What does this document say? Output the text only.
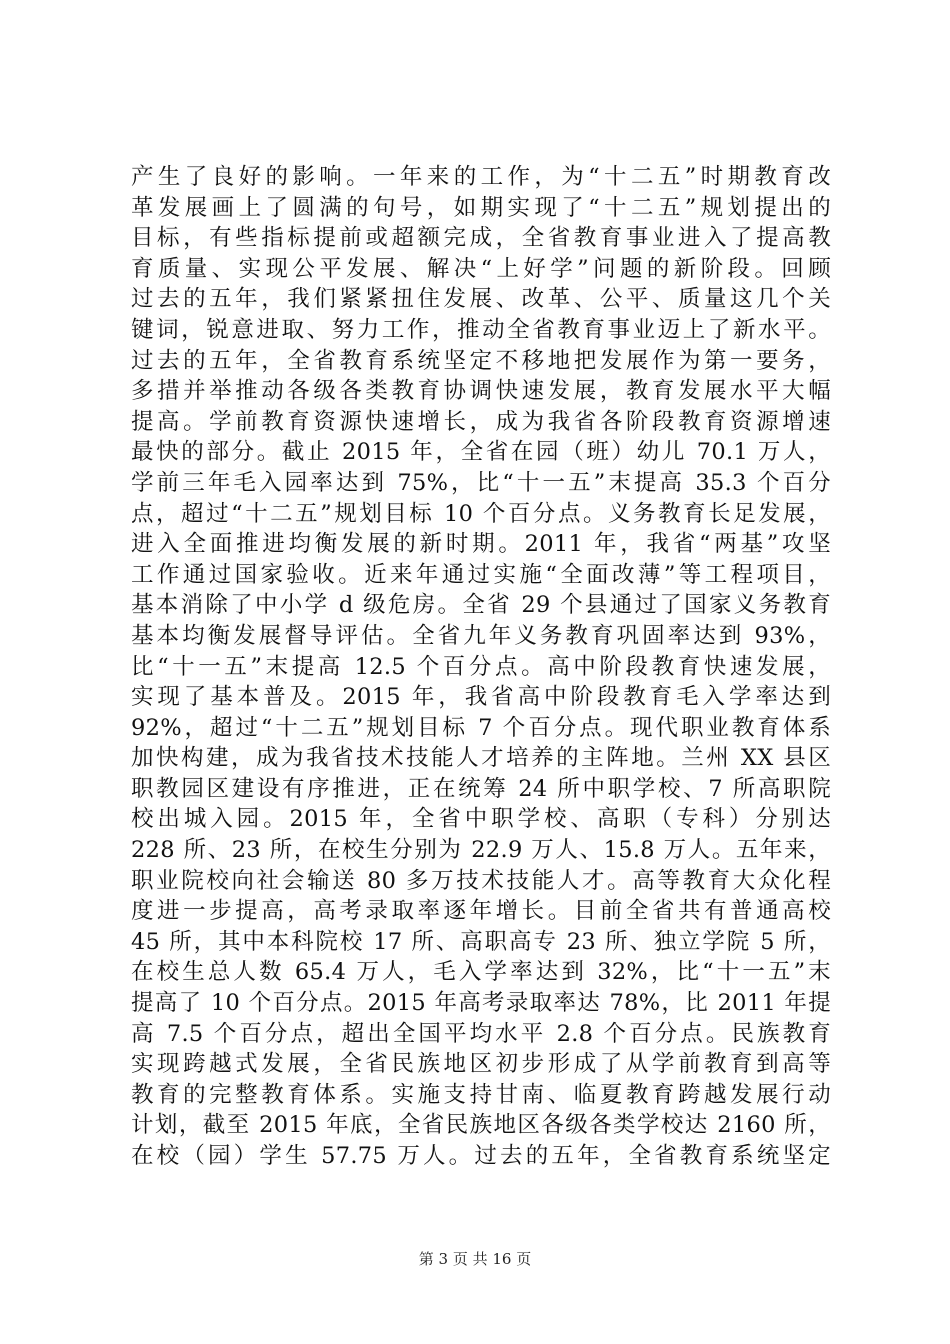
产生了良好的影响。一年来的工作，为“十二五”时期教育改
革发展画上了圆满的句号，如期实现了“十二五”规划提出的
目标，有些指标提前或超额完成，全省教育事业进入了提高教
育质量、实现公平发展、解决“上好学”问题的新阶段。回顾
过去的五年，我们紧紧扭住发展、改革、公平、质量这几个关
键词，锐意进取、努力工作，推动全省教育事业迈上了新水平。
过去的五年，全省教育系统坚定不移地把发展作为第一要务，
多措并举推动各级各类教育协调快速发展，教育发展水平大幅
提高。学前教育资源快速增长，成为我省各阶段教育资源增速
最快的部分。截止 2015 年，全省在园（班）幼儿 70.1 万人，
学前三年毛入园率达到 75%，比“十一五”末提高 35.3 个百分
点，超过“十二五”规划目标 10 个百分点。义务教育长足发展，
进入全面推进均衡发展的新时期。2011 年，我省“两基”攻坚
工作通过国家验收。近来年通过实施“全面改薄”等工程项目，
基本消除了中小学 d 级危房。全省 29 个县通过了国家义务教育
基本均衡发展督导评估。全省九年义务教育巩固率达到 93%，
比“十一五”末提高 12.5 个百分点。高中阶段教育快速发展，
实现了基本普及。2015 年，我省高中阶段教育毛入学率达到
92%，超过“十二五”规划目标 7 个百分点。现代职业教育体系
加快构建，成为我省技术技能人才培养的主阵地。兰州 XX 县区
职教园区建设有序推进，正在统筹 24 所中职学校、7 所高职院
校出城入园。2015 年，全省中职学校、高职（专科）分别达
228 所、23 所，在校生分别为 22.9 万人、15.8 万人。五年来，
职业院校向社会输送 80 多万技术技能人才。高等教育大众化程
度进一步提高，高考录取率逐年增长。目前全省共有普通高校
45 所，其中本科院校 17 所、高职高专 23 所、独立学院 5 所，
在校生总人数 65.4 万人，毛入学率达到 32%，比“十一五”末
提高了 10 个百分点。2015 年高考录取率达 78%，比 2011 年提
高 7.5 个百分点，超出全国平均水平 2.8 个百分点。民族教育
实现跨越式发展，全省民族地区初步形成了从学前教育到高等
教育的完整教育体系。实施支持甘南、临夏教育跨越发展行动
计划，截至 2015 年底，全省民族地区各级各类学校达 2160 所，
在校（园）学生 57.75 万人。过去的五年，全省教育系统坚定
第 3 页 共 16 页
